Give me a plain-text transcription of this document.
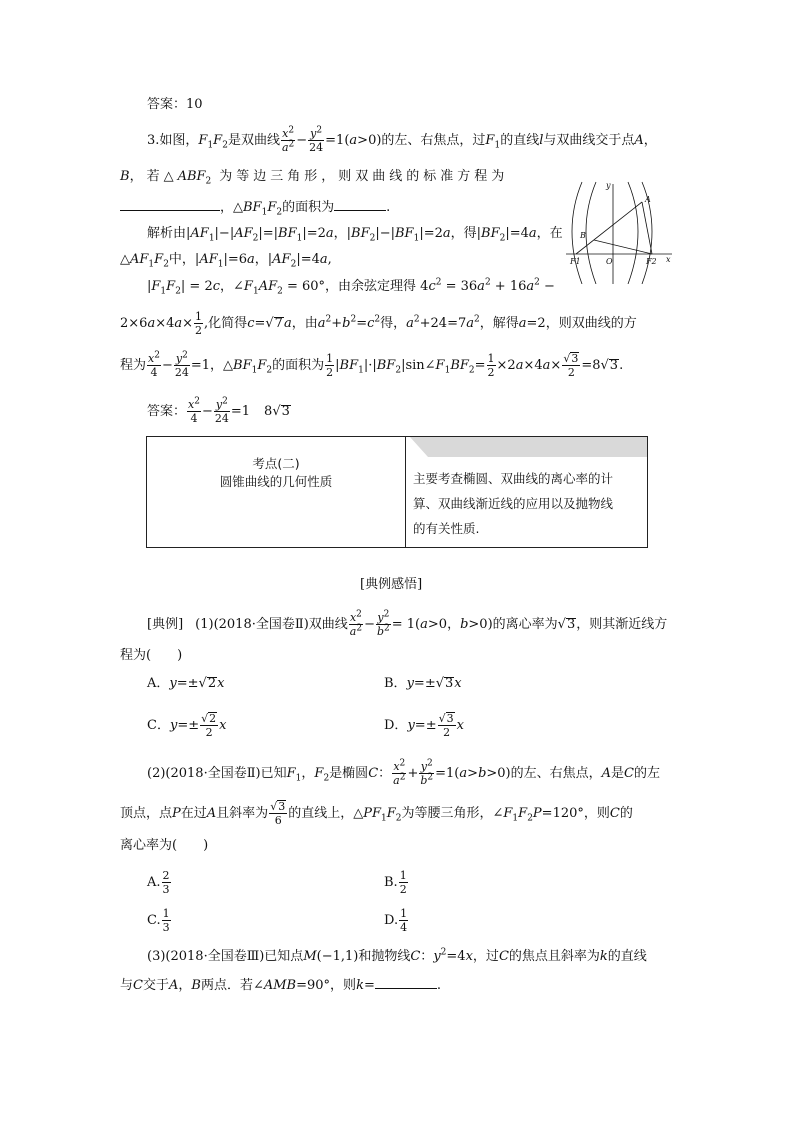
答案：10
3.如图，$F_1F_2$是双曲线 $\frac{x^2}{a^2} - \frac{y^2}{24} =1(a>0)$的左、右焦点，过$F_1$的直线l与双曲线交于点A，
B，若$\triangle ABF_2$ 为等边三角形，则双曲线的标准方程为
，$\triangle BF_1F_2$的面积为	.
y
A
B
F1	O	F2 x
解析由$|AF_1|-|AF_2|=|BF_1|=2a$，$|BF_2|-|BF_1|=2a$，得$|BF_2|=4a$，在
$\triangle AF_1F_2$中，$|AF_1|=6a$，$|AF_2|=4a$,
$|F_1F_2| = 2c$，$\angle F_1AF_2 = 60^\circ$，由余弦定理得 $4c^2 = 36a^2 + 16a^2$ −
$2\times 6a\times 4a\times \frac{1}{2}$ ,化简得c=√7a，由$a^2+b^2=c^2$得，$a^2+24=7a^2$，解得a=2，则双曲线的方
程为 $\frac{x^2}{4} - \frac{y^2}{24} =1$，$\triangle BF_1F_2$的面积为 $\frac{1}{2}$ $|BF_1|\cdot|BF_2|\sin\angle F_1BF_2= \frac{1}{2} \times 2a\times 4a\times \frac{√3}{2} =8√3$.
答案： $\frac{x^2}{4} - \frac{y^2}{24} =1$ 8√3
考点(二)
圆锥曲线的几何性质	主要考查椭圆、双曲线的离心率的计
算、双曲线渐近线的应用以及抛物线
的有关性质.
[典例感悟]
[典例] (1)(2018·全国卷Ⅱ)双曲线 $\frac{x^2}{a^2} - \frac{y^2}{b^2} = 1(a>0$，b>0)的离心率为√3，则其渐近线方
程为(　　)
A．y=±√2x	B．y=±√3x
C．$y=\pm \frac{√2}{2}$ x	D．$y=\pm \frac{√3}{2}$ x
(2)(2018·全国卷Ⅱ)已知$F_1$，$F_2$是椭圆C： $\frac{x^2}{a^2} + \frac{y^2}{b^2} =1(a>b>0)$的左、右焦点，A是C的左
顶点，点P在过A且斜率为 $\frac{√3}{6}$ 的直线上，$\triangle PF_1F_2$为等腰三角形，$\angle F_1F_2P=120^\circ$，则C的
离心率为(　　)
A. $\frac{2}{3}$	B. $\frac{1}{2}$
C. $\frac{1}{3}$	D. $\frac{1}{4}$
(3)(2018·全国卷Ⅲ)已知点M(−1,1)和抛物线C：$y^2=4x$，过C的焦点且斜率为k的直线
与C交于A，B两点．若∠AMB=90°，则k=	.
